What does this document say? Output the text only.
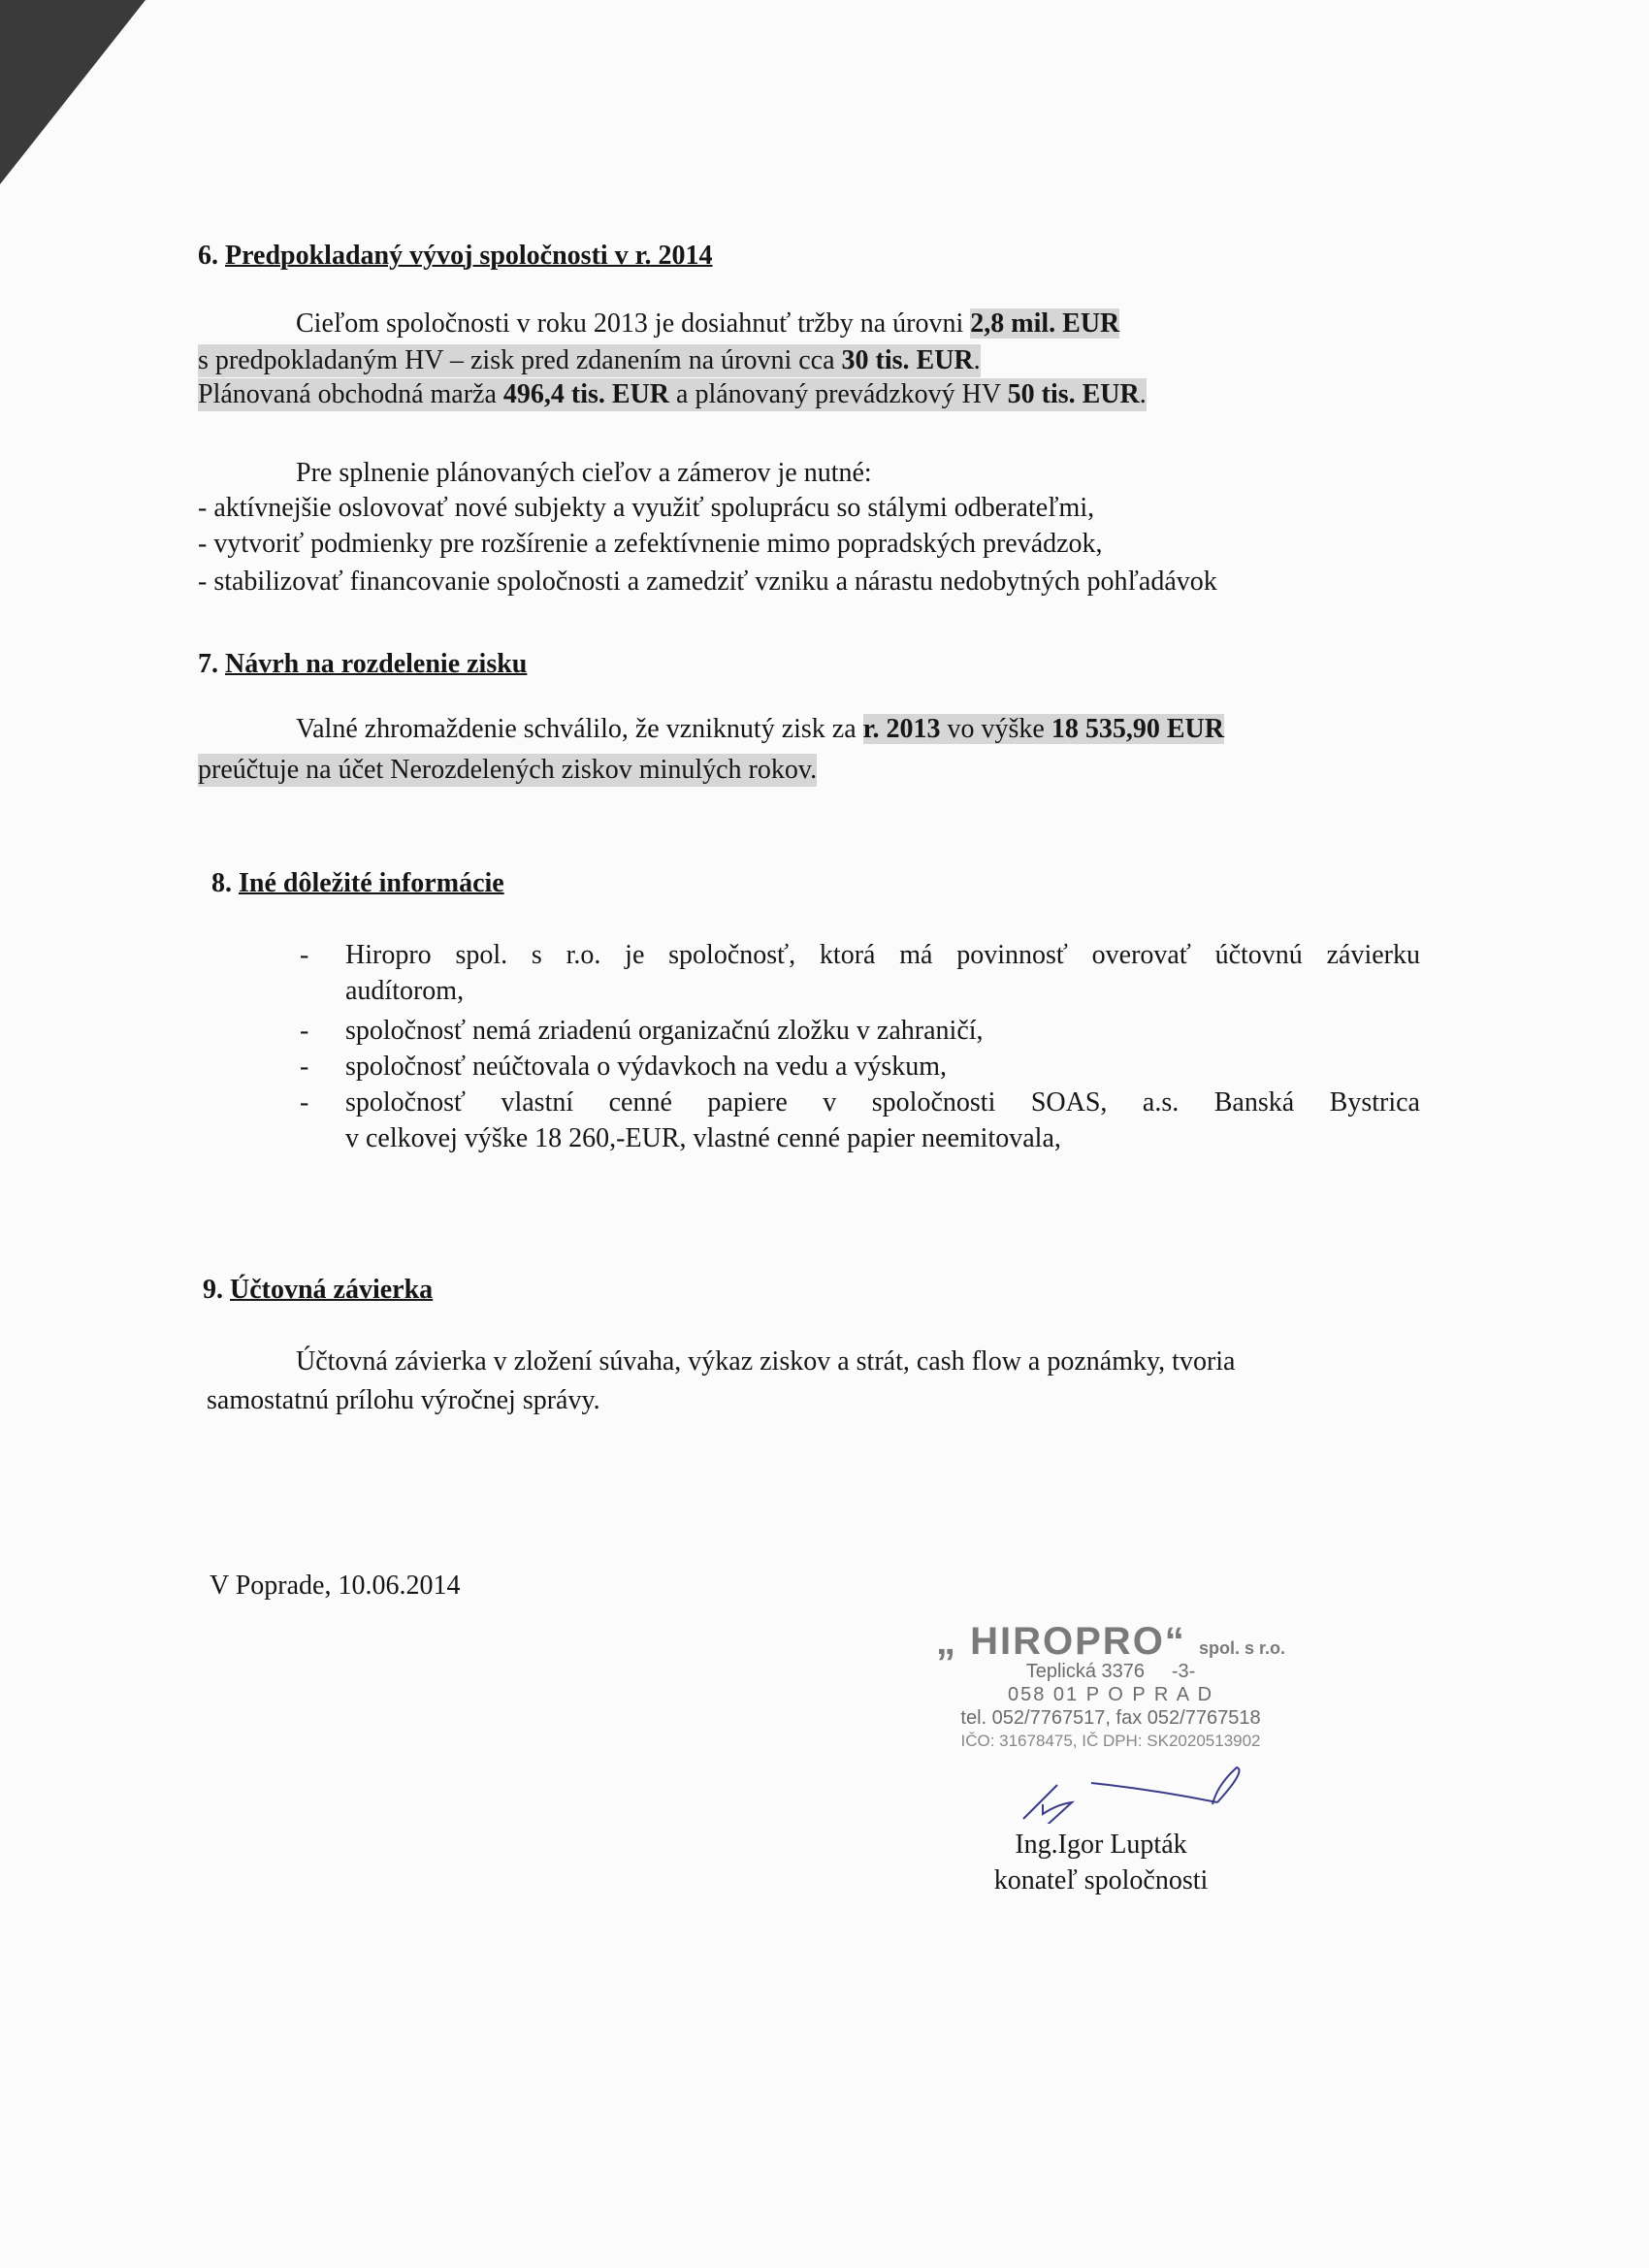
6. Predpokladaný vývoj spoločnosti v r. 2014
Cieľom spoločnosti v roku 2013 je dosiahnuť tržby na úrovni 2,8 mil. EUR
s predpokladaným HV – zisk pred zdanením na úrovni cca 30 tis. EUR.
Plánovaná obchodná marža 496,4 tis. EUR a plánovaný prevádzkový HV 50 tis. EUR.
Pre splnenie plánovaných cieľov a zámerov je nutné:
- aktívnejšie oslovovať nové subjekty a využiť spoluprácu so stálymi odberateľmi,
- vytvoriť podmienky pre rozšírenie a zefektívnenie mimo popradských prevádzok,
- stabilizovať financovanie spoločnosti a zamedziť vzniku a nárastu nedobytných pohľadávok
7. Návrh na rozdelenie zisku
Valné zhromaždenie schválilo, že vzniknutý zisk za r. 2013 vo výške 18 535,90 EUR
preúčtuje na účet Nerozdelených ziskov minulých rokov.
8. Iné dôležité informácie
- Hiropro spol. s r.o. je spoločnosť, ktorá má povinnosť overovať účtovnú závierku
audítorom,
- spoločnosť nemá zriadenú organizačnú zložku v zahraničí,
- spoločnosť neúčtovala o výdavkoch na vedu a výskum,
- spoločnosť vlastní cenné papiere v spoločnosti SOAS, a.s. Banská Bystrica
v celkovej výške 18 260,-EUR, vlastné cenné papier neemitovala,
9. Účtovná závierka
Účtovná závierka v zložení súvaha, výkaz ziskov a strát, cash flow a poznámky, tvoria
samostatnú prílohu výročnej správy.
V Poprade, 10.06.2014
„ HIROPRO“ spol. s r.o.
Teplická 3376 -3-
058 01 P O P R A D
tel. 052/7767517, fax 052/7767518
IČO: 31678475, IČ DPH: SK2020513902
Ing.Igor Lupták
konateľ spoločnosti
